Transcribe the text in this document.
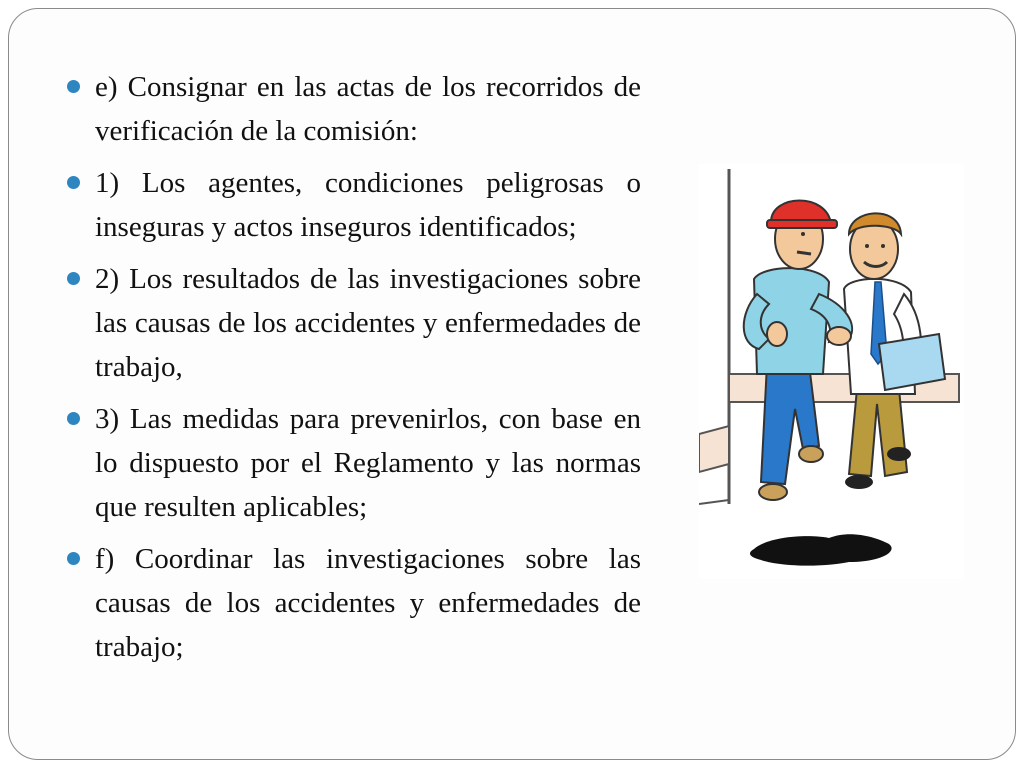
e) Consignar en las actas de los recorridos de verificación de la comisión:
1) Los agentes, condiciones peligrosas o inseguras y actos inseguros identificados;
2) Los resultados de las investigaciones sobre las causas de los accidentes y enfermedades de trabajo,
3) Las medidas para prevenirlos, con base en lo dispuesto por el Reglamento y las normas que resulten aplicables;
f) Coordinar las investigaciones sobre las causas de los accidentes y enfermedades de trabajo;
